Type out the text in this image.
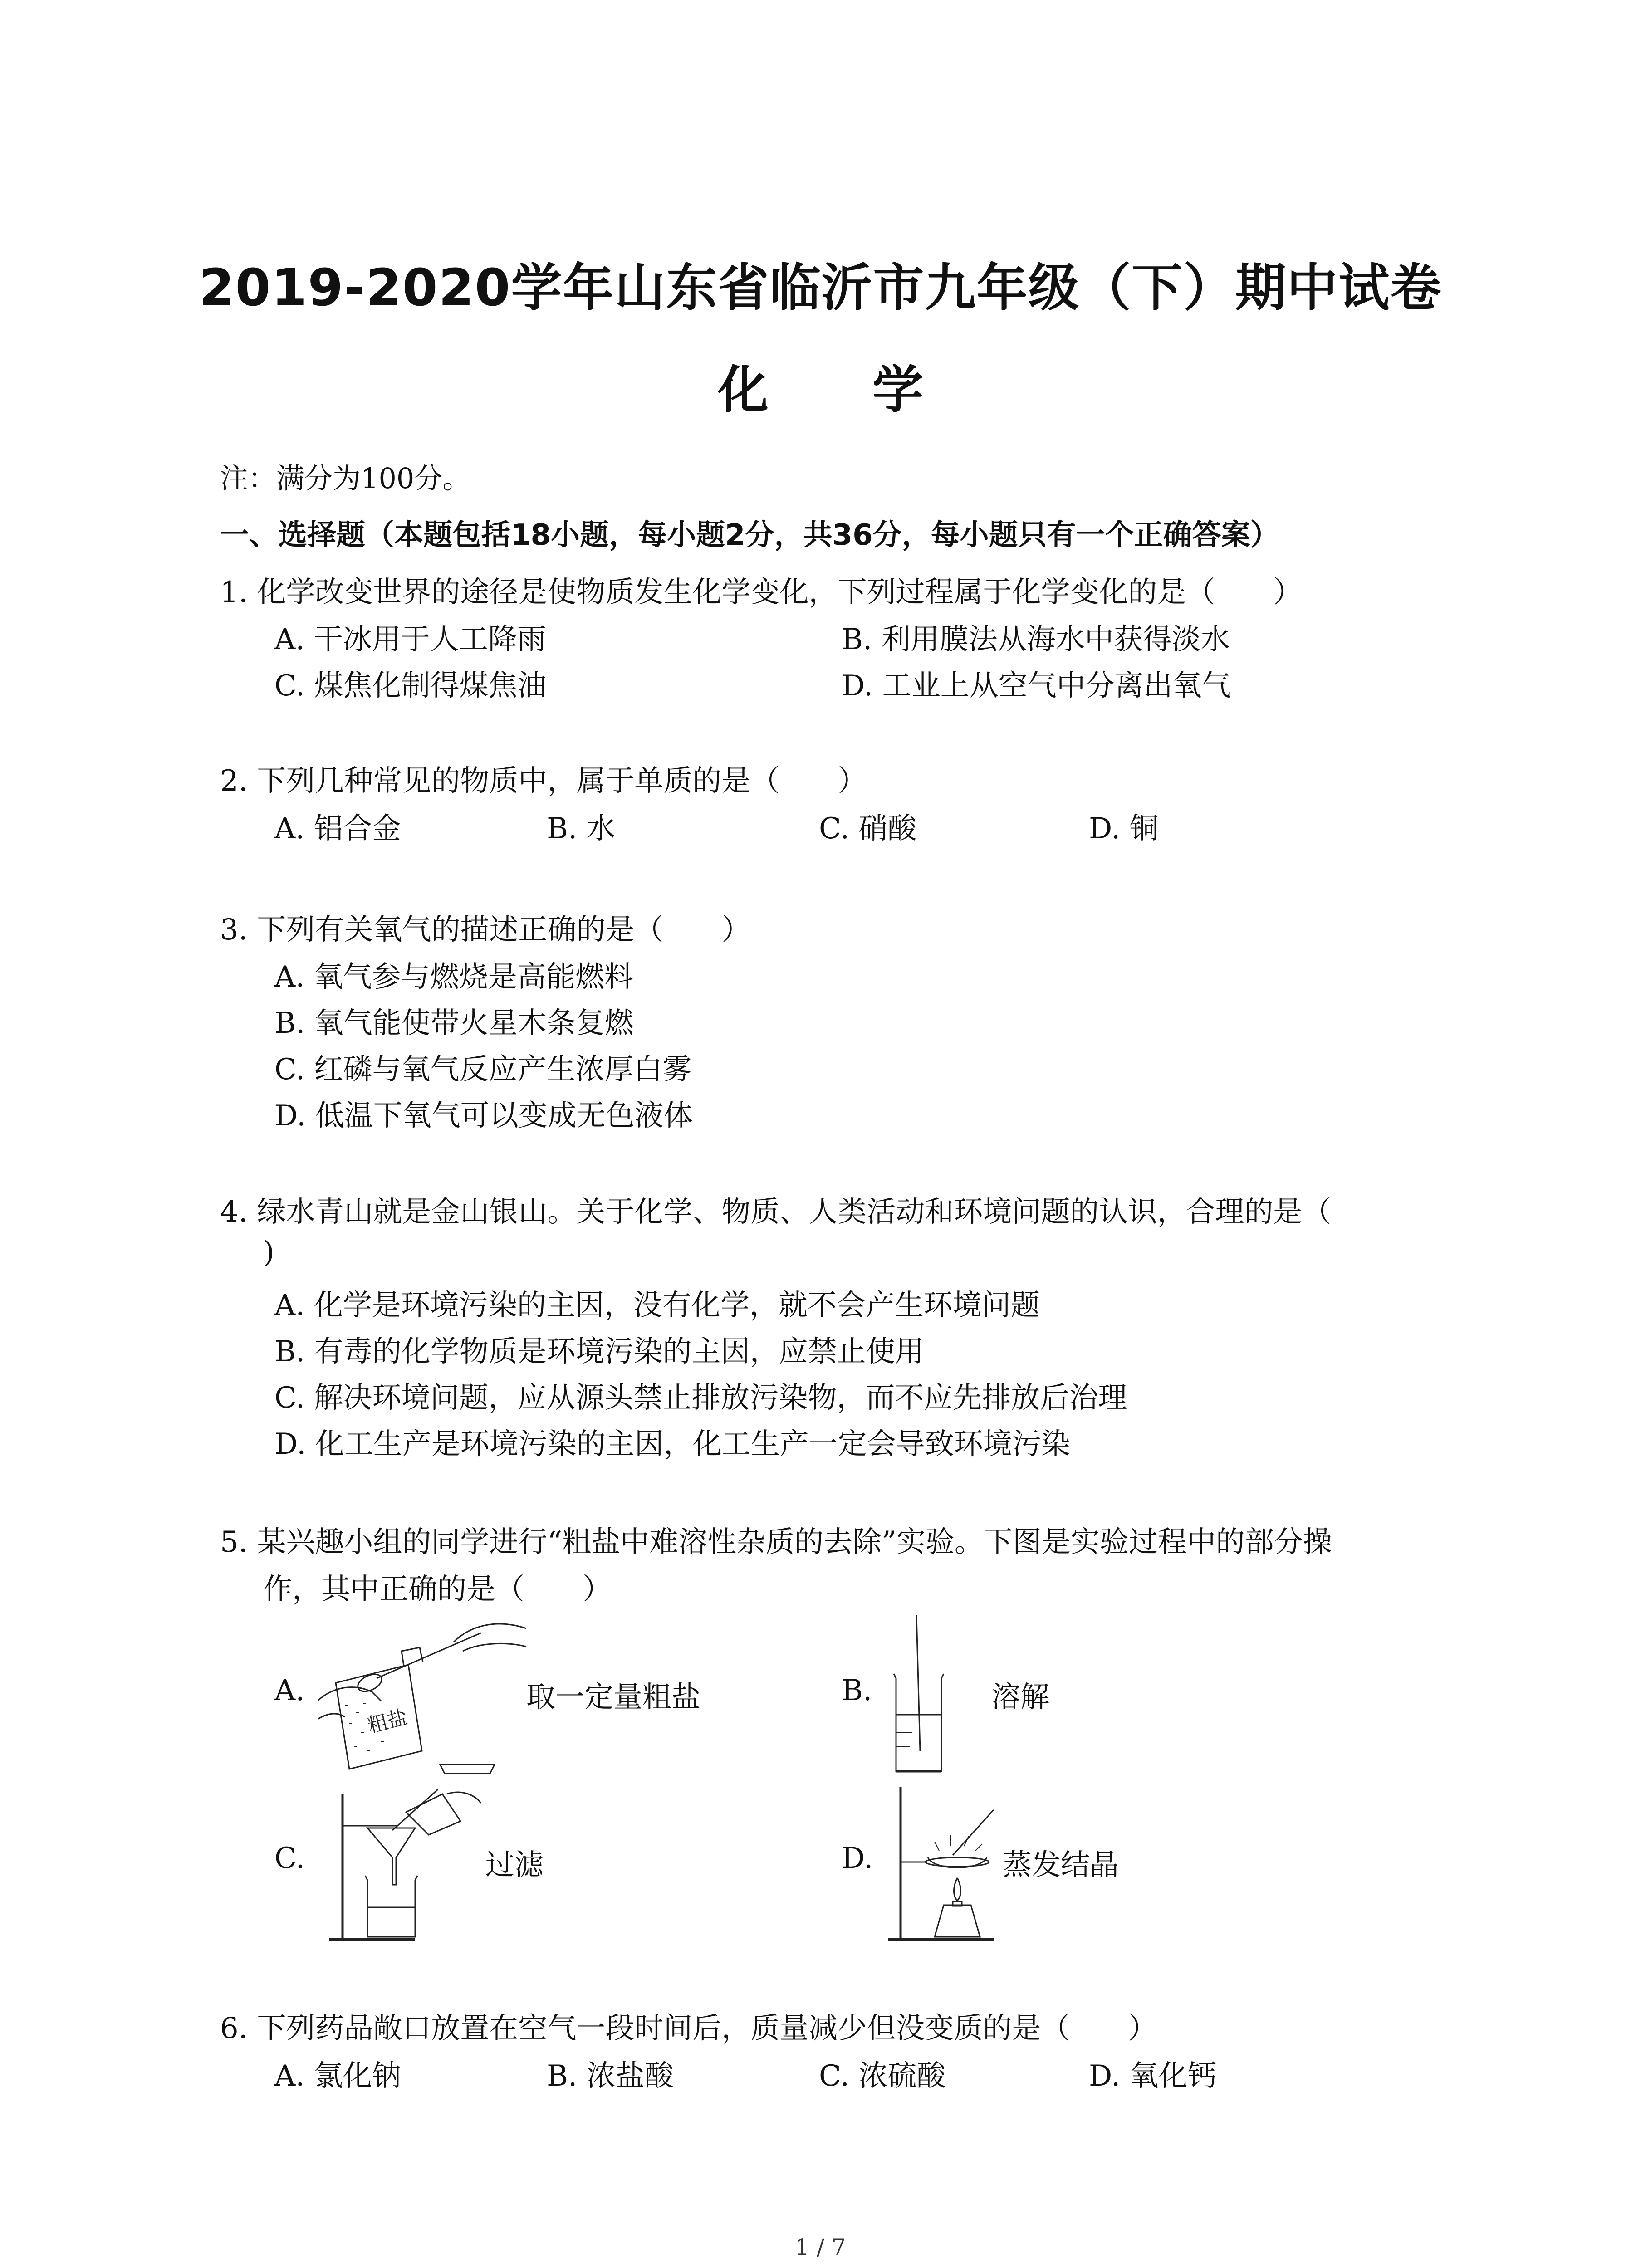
2019-2020学年山东省临沂市九年级（下）期中试卷
化 学
注：满分为100分。
一、选择题（本题包括18小题，每小题2分，共36分，每小题只有一个正确答案）
1. 化学改变世界的途径是使物质发生化学变化，下列过程属于化学变化的是（　　）
A. 干冰用于人工降雨	B. 利用膜法从海水中获得淡水
C. 煤焦化制得煤焦油	D. 工业上从空气中分离出氧气
2. 下列几种常见的物质中，属于单质的是（　　）
A. 铝合金	B. 水	C. 硝酸	D. 铜
3. 下列有关氧气的描述正确的是（　　）
A. 氧气参与燃烧是高能燃料
B. 氧气能使带火星木条复燃
C. 红磷与氧气反应产生浓厚白雾
D. 低温下氧气可以变成无色液体
4. 绿水青山就是金山银山。关于化学、物质、人类活动和环境问题的认识，合理的是（
)
A. 化学是环境污染的主因，没有化学，就不会产生环境问题
B. 有毒的化学物质是环境污染的主因，应禁止使用
C. 解决环境问题，应从源头禁止排放污染物，而不应先排放后治理
D. 化工生产是环境污染的主因，化工生产一定会导致环境污染
5. 某兴趣小组的同学进行“粗盐中难溶性杂质的去除”实验。下图是实验过程中的部分操
作，其中正确的是（　　）
A.	取一定量粗盐	B.	溶解
C.	过滤	D.	蒸发结晶
粗盐
6. 下列药品敞口放置在空气一段时间后，质量减少但没变质的是（　　）
A. 氯化钠	B. 浓盐酸	C. 浓硫酸	D. 氧化钙
1 / 7
